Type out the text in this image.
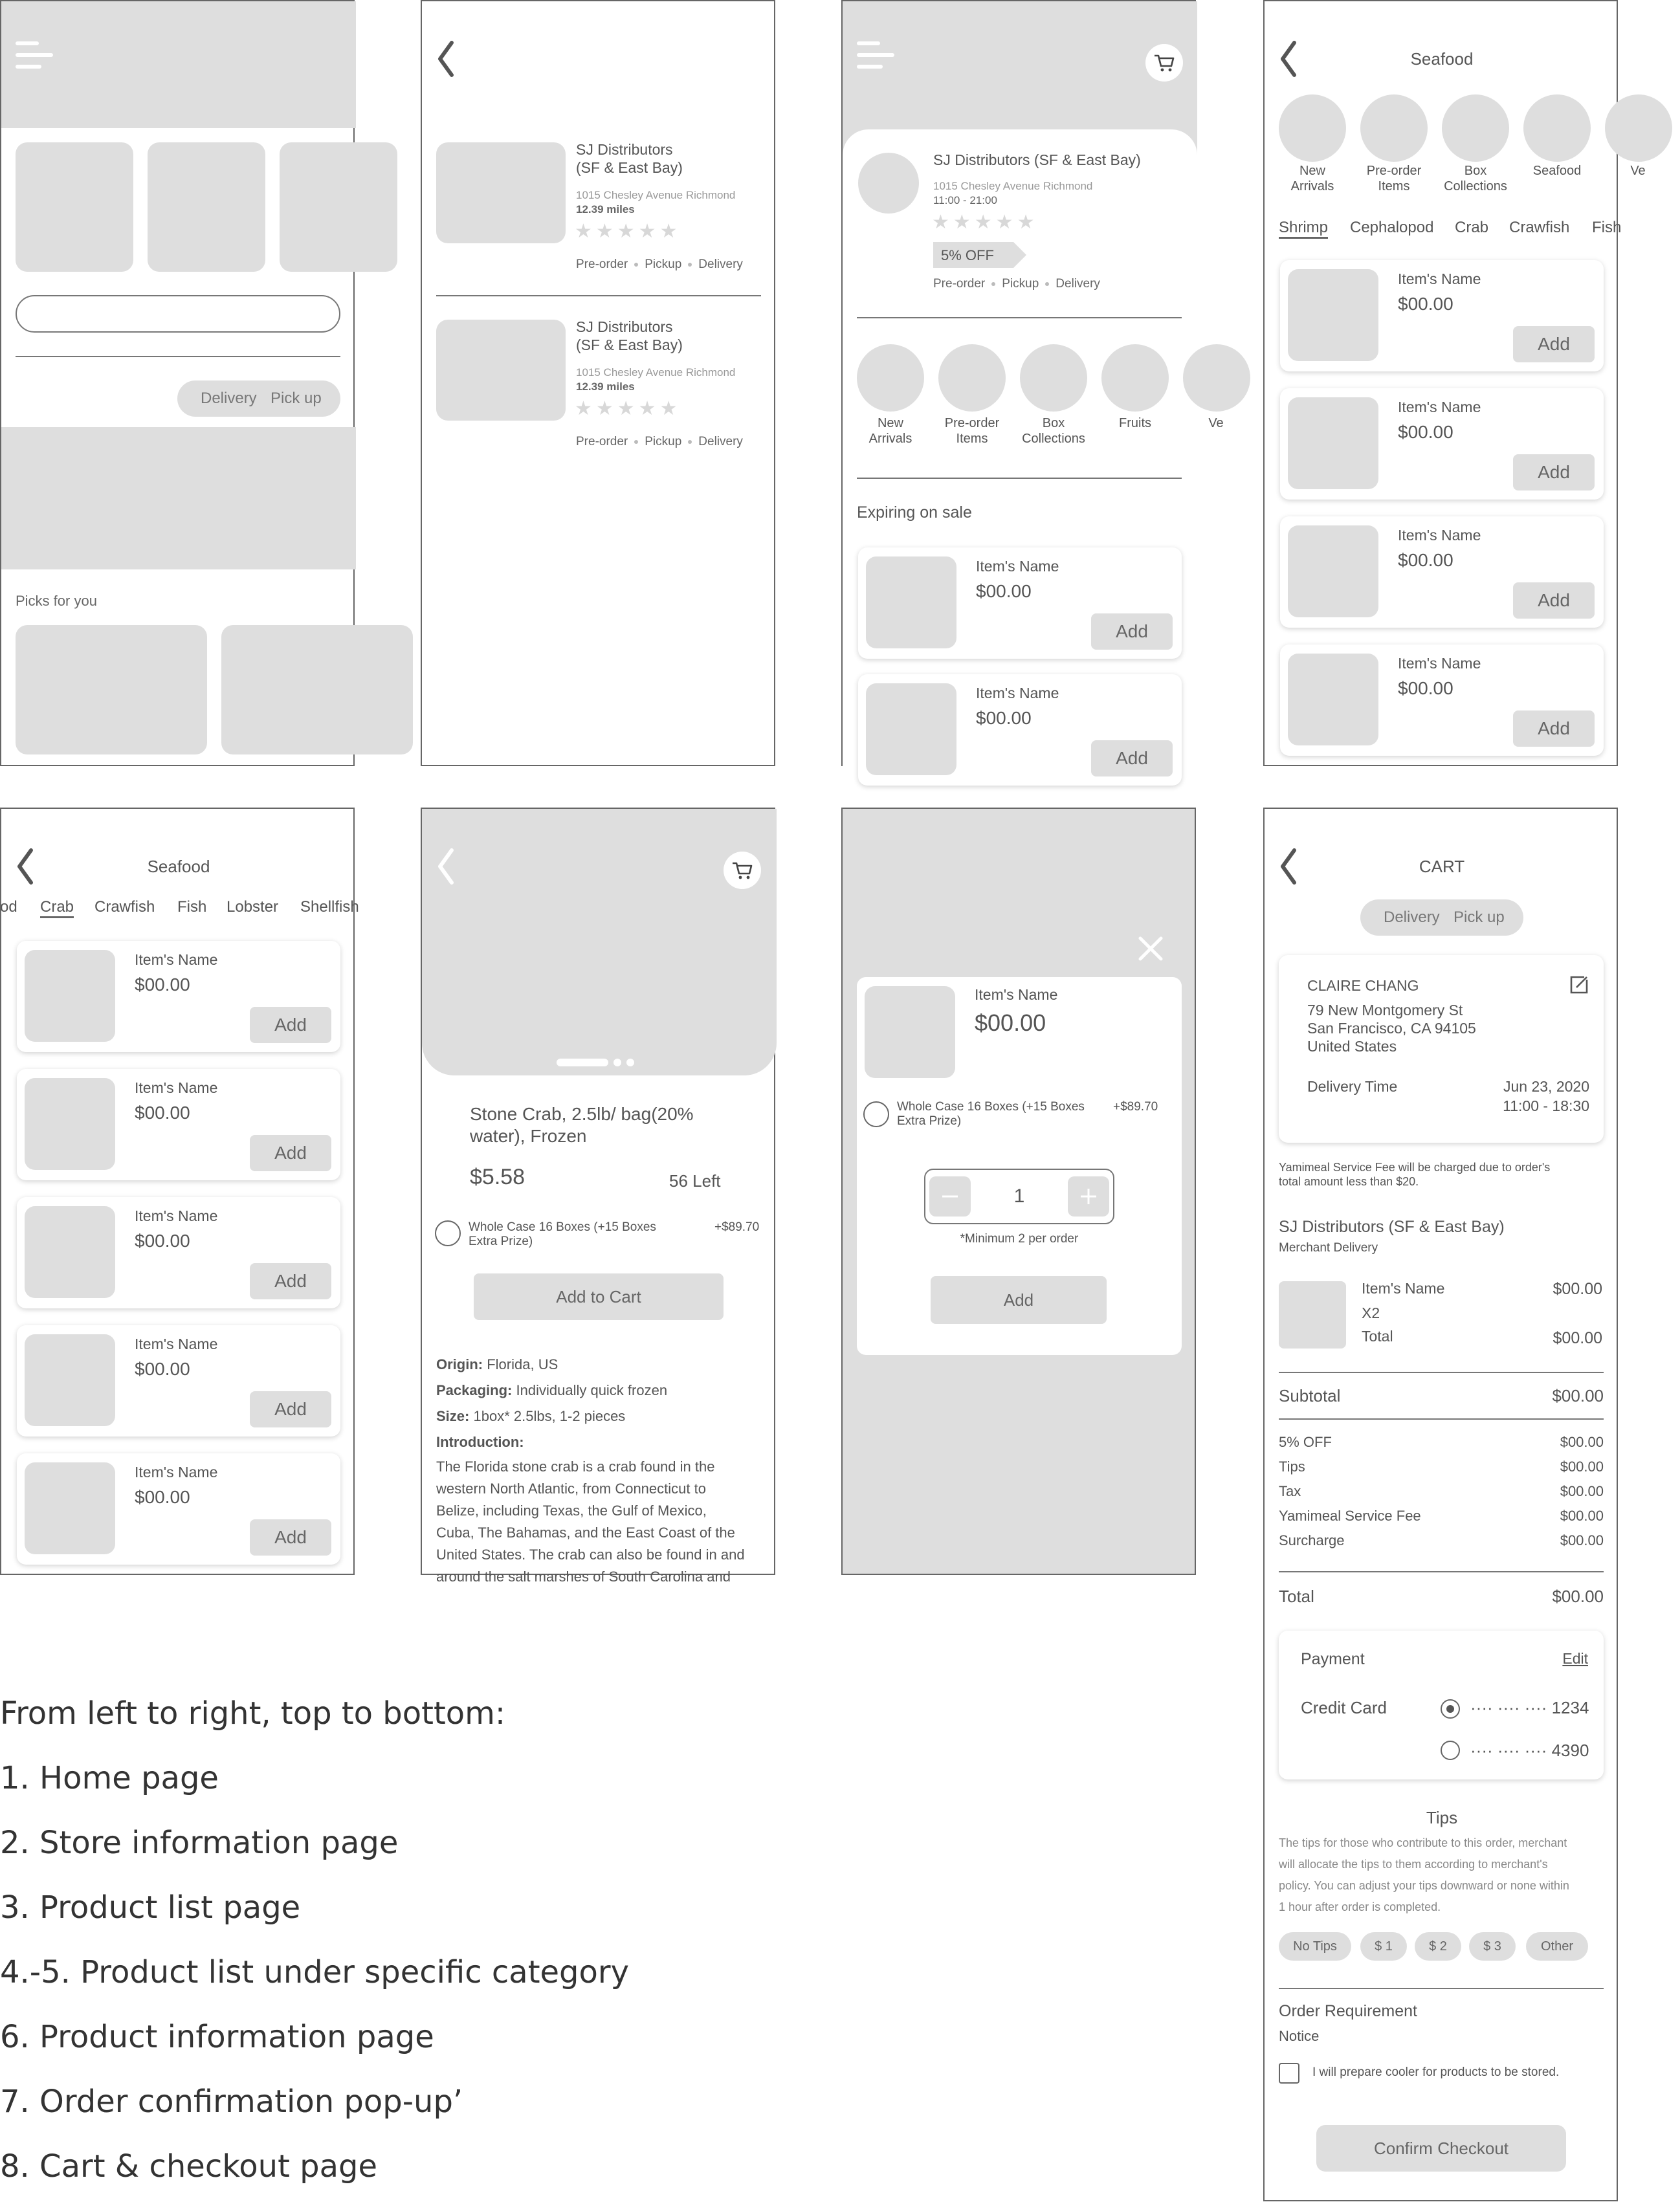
Delivery Pick up
Picks for you
SJ Distributors
(SF & East Bay)
1015 Chesley Avenue Richmond
12.39 miles
★★★★★
Pre-order Pickup Delivery
SJ Distributors
(SF & East Bay)
1015 Chesley Avenue Richmond
12.39 miles
★★★★★
Pre-order Pickup Delivery
SJ Distributors (SF & East Bay)
1015 Chesley Avenue Richmond
11:00 - 21:00
★★★★★
5% OFF
Pre-order Pickup Delivery
New
Arrivals
Pre-order
Items
Box
Collections
Fruits	Ve
Expiring on sale
Item's Name
$00.00
Add
Item's Name
$00.00
Add
Seafood
New
Arrivals
Pre-order
Items
Box
Collections
Seafood	Ve
Shrimp Cephalopod Crab Crawfish Fish
Item's Name
$00.00
Add
Item's Name
$00.00
Add
Item's Name
$00.00
Add
Item's Name
$00.00
Add
Seafood
od Crab Crawfish Fish Lobster Shellfish
Item's Name
$00.00
Add
Item's Name
$00.00
Add
Item's Name
$00.00
Add
Item's Name
$00.00
Add
Item's Name
$00.00
Add
Stone Crab, 2.5lb/ bag(20%
water), Frozen
$5.58	56 Left
Whole Case 16 Boxes (+15 Boxes
Extra Prize)
+$89.70
Add to Cart
Origin: Florida, US
Packaging: Individually quick frozen
Size: 1box* 2.5lbs, 1-2 pieces
Introduction:
The Florida stone crab is a crab found in the
western North Atlantic, from Connecticut to
Belize, including Texas, the Gulf of Mexico,
Cuba, The Bahamas, and the East Coast of the
United States. The crab can also be found in and
around the salt marshes of South Carolina and
Item's Name
$00.00
Whole Case 16 Boxes (+15 Boxes
Extra Prize)
+$89.70
1
*Minimum 2 per order
Add
CART
Delivery Pick up
CLAIRE CHANG
79 New Montgomery St
San Francisco, CA 94105
United States
Delivery Time	Jun 23, 2020
11:00 - 18:30
Yamimeal Service Fee will be charged due to order's
total amount less than $20.
SJ Distributors (SF & East Bay)
Merchant Delivery
Item's Name	$00.00
X2
Total	$00.00
Subtotal	$00.00
5% OFF	$00.00
Tips	$00.00
Tax	$00.00
Yamimeal Service Fee	$00.00
Surcharge	$00.00
Total	$00.00
Payment	Edit
Credit Card	···· ···· ···· 1234
···· ···· ···· 4390
Tips
The tips for those who contribute to this order, merchant
will allocate the tips to them according to merchant's
policy. You can adjust your tips downward or none within
1 hour after order is completed.
No Tips	$ 1	$ 2	$ 3	Other
Order Requirement
Notice
I will prepare cooler for products to be stored.
Confirm Checkout
From left to right, top to bottom:
1. Home page
2. Store information page
3. Product list page
4.-5. Product list under specific category
6. Product information page
7. Order confirmation pop-up’
8. Cart & checkout page
